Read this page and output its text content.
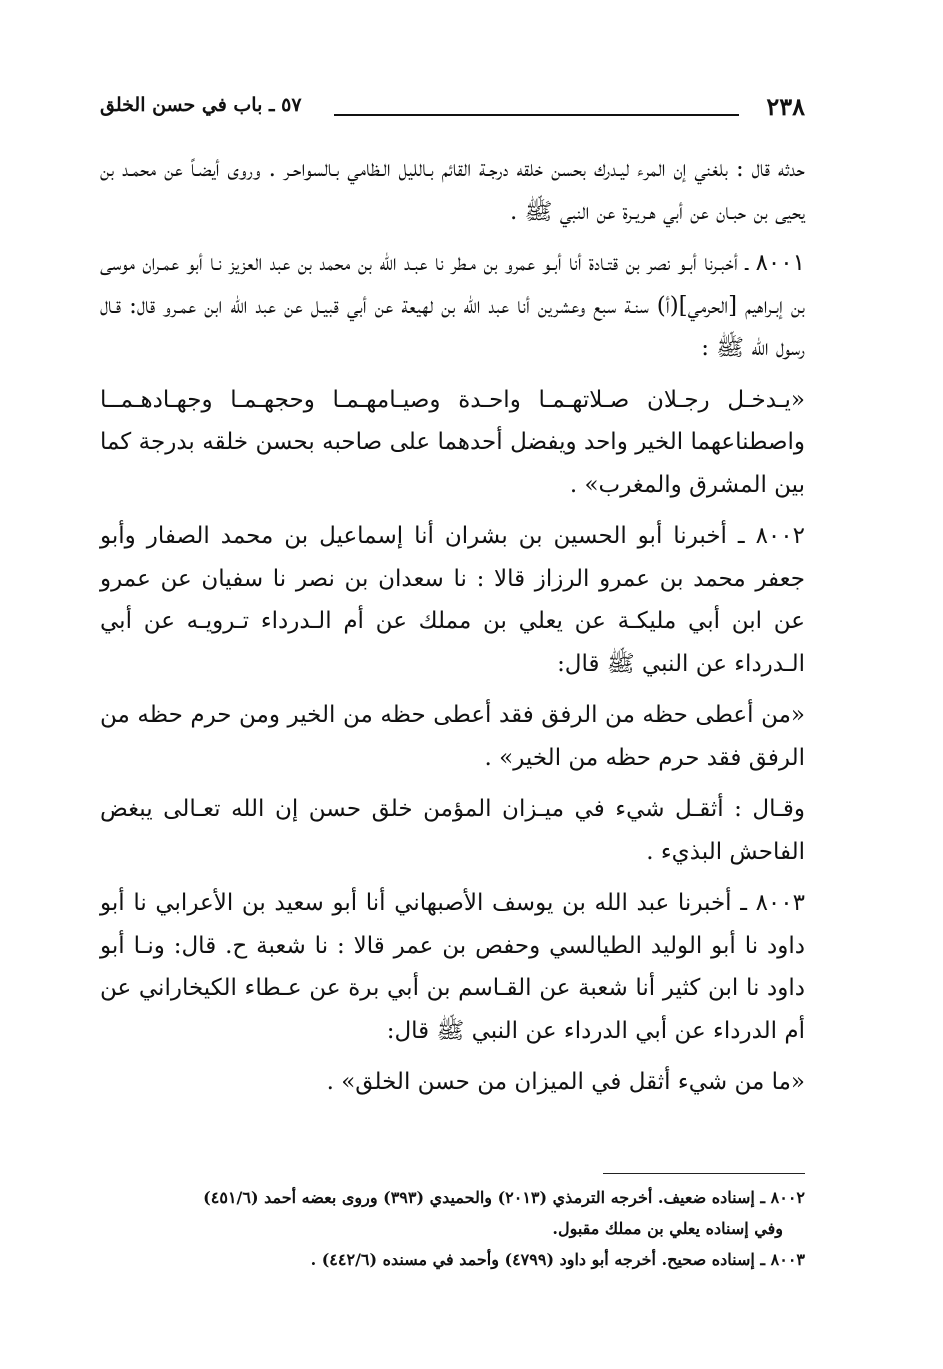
٢٣٨
٥٧ ـ باب في حسن الخلق

حدثه قال : بلغني إن المرء ليـدرك بحسن خلقه درجـة القائم بـالليل الـظامي بـالسواحـر . وروى أيضـاً عن محمـد بن يحيى بن حبـان عن أبي هـريـرة عن النبي ﷺ .

٨٠٠١ ـ أخبـرنا أبـو نصر بن قتـادة أنا أبـو عمرو بن مـطر نا عبـد الله بن محمد بن عبد العزيز نـا أبو عمـران موسى بن إبـراهيم [الحرمي](أ) سنـة سبع وعشرين أنا عبد الله بن لهيعة عن أبي قبيـل عن عبد الله ابن عمـرو قال: قـال رسول الله ﷺ :

«يـدخـل رجـلان صـلاتهـمـا واحـدة وصيـامهـمـا وحجهـمـا وجهـادهـمــا واصطناعهما الخير واحد ويفضل أحدهما على صاحبه بحسن خلقه بدرجة كما بين المشرق والمغرب» .

٨٠٠٢ ـ أخبرنا أبو الحسين بن بشران أنا إسماعيل بن محمد الصفار وأبو جعفر محمد بن عمرو الرزاز قالا : نا سعدان بن نصر نا سفيان عن عمرو عن ابن أبي مليكـة عن يعلي بن مملك عن أم الـدرداء تـرويـه عن أبي الـدرداء عن النبي ﷺ قال:

«من أعطى حظه من الرفق فقد أعطى حظه من الخير ومن حرم حظه من الرفق فقد حرم حظه من الخير» .

وقـال : أثقـل شيء في ميـزان المؤمن خلق حسن إن الله تعـالى يبغض الفاحش البذيء .

٨٠٠٣ ـ أخبرنا عبد الله بن يوسف الأصبهاني أنا أبو سعيد بن الأعرابي نا أبو داود نا أبو الوليد الطيالسي وحفص بن عمر قالا : نا شعبة ح. قال: ونـا أبو داود نا ابن كثير أنا شعبة عن القـاسم بن أبي برة عن عـطاء الكيخاراني عن أم الدرداء عن أبي الدرداء عن النبي ﷺ قال:

«ما من شيء أثقل في الميزان من حسن الخلق» .

٨٠٠٢ ـ إسناده ضعيف. أخرجه الترمذي (٢٠١٣) والحميدي (٣٩٣) وروى بعضه أحمد (٤٥١/٦)

وفي إسناده يعلي بن مملك مقبول.

٨٠٠٣ ـ إسناده صحيح. أخرجه أبو داود (٤٧٩٩) وأحمد في مسنده (٤٤٢/٦) .
